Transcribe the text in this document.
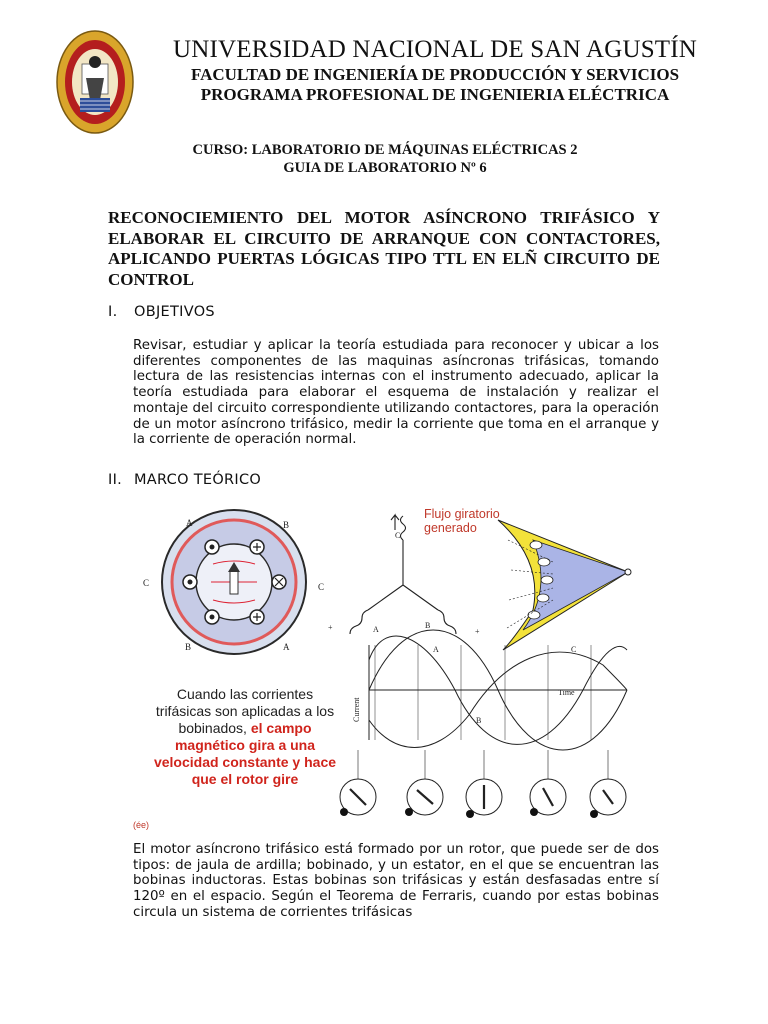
UNIVERSIDAD NACIONAL DE SAN AGUSTÍN
FACULTAD DE INGENIERÍA DE PRODUCCIÓN Y SERVICIOS
PROGRAMA PROFESIONAL DE INGENIERIA ELÉCTRICA
CURSO: LABORATORIO DE MÁQUINAS ELÉCTRICAS 2
GUIA DE LABORATORIO Nº 6
RECONOCIEMIENTO DEL MOTOR ASÍNCRONO TRIFÁSICO Y ELABORAR EL CIRCUITO DE ARRANQUE CON CONTACTORES, APLICANDO PUERTAS LÓGICAS TIPO TTL EN ELÑ CIRCUITO DE CONTROL
I. OBJETIVOS
Revisar, estudiar y aplicar la teoría estudiada para reconocer y ubicar a los diferentes componentes de las maquinas asíncronas trifásicas, tomando lectura de las resistencias internas con el instrumento adecuado, aplicar la teoría estudiada para elaborar el esquema de instalación y realizar el montaje del circuito correspondiente utilizando contactores, para la operación de un motor asíncrono trifásico, medir la corriente que toma en el arranque y la corriente de operación normal.
II. MARCO TEÓRICO
A	B
C	C
B	A
C
A	B
+	+
A	C
B
Time
Current
(ée)
Flujo giratorio generado
Cuando las corrientes trifásicas son aplicadas a los bobinados, el campo magnético gira a una velocidad constante y hace que el rotor gire
El motor asíncrono trifásico está formado por un rotor, que puede ser de dos tipos: de jaula de ardilla; bobinado, y un estator, en el que se encuentran las bobinas inductoras. Estas bobinas son trifásicas y están desfasadas entre sí 120º en el espacio. Según el Teorema de Ferraris, cuando por estas bobinas circula un sistema de corrientes trifásicas
